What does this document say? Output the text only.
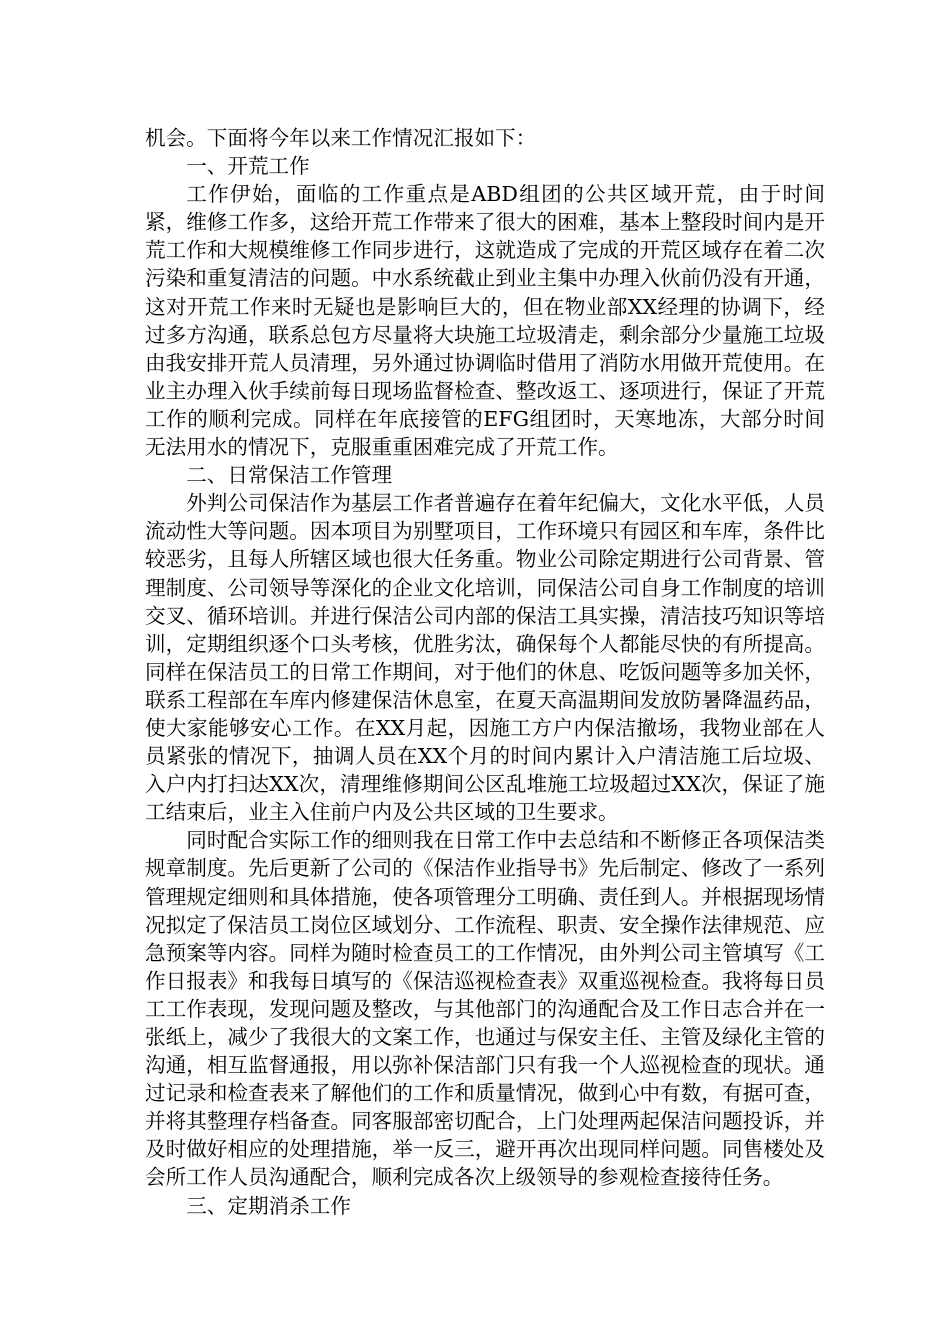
机会。下面将今年以来工作情况汇报如下：

一、开荒工作

工作伊始，面临的工作重点是ABD组团的公共区域开荒，由于时间紧，维修工作多，这给开荒工作带来了很大的困难，基本上整段时间内是开荒工作和大规模维修工作同步进行，这就造成了完成的开荒区域存在着二次污染和重复清洁的问题。中水系统截止到业主集中办理入伙前仍没有开通，这对开荒工作来时无疑也是影响巨大的，但在物业部XX经理的协调下，经过多方沟通，联系总包方尽量将大块施工垃圾清走，剩余部分少量施工垃圾由我安排开荒人员清理，另外通过协调临时借用了消防水用做开荒使用。在业主办理入伙手续前每日现场监督检查、整改返工、逐项进行，保证了开荒工作的顺利完成。同样在年底接管的EFG组团时，天寒地冻，大部分时间无法用水的情况下，克服重重困难完成了开荒工作。

二、日常保洁工作管理

外判公司保洁作为基层工作者普遍存在着年纪偏大，文化水平低，人员流动性大等问题。因本项目为别墅项目，工作环境只有园区和车库，条件比较恶劣，且每人所辖区域也很大任务重。物业公司除定期进行公司背景、管理制度、公司领导等深化的企业文化培训，同保洁公司自身工作制度的培训交叉、循环培训。并进行保洁公司内部的保洁工具实操，清洁技巧知识等培训，定期组织逐个口头考核，优胜劣汰，确保每个人都能尽快的有所提高。同样在保洁员工的日常工作期间，对于他们的休息、吃饭问题等多加关怀，联系工程部在车库内修建保洁休息室，在夏天高温期间发放防暑降温药品，使大家能够安心工作。在XX月起，因施工方户内保洁撤场，我物业部在人员紧张的情况下，抽调人员在XX个月的时间内累计入户清洁施工后垃圾、入户内打扫达XX次，清理维修期间公区乱堆施工垃圾超过XX次，保证了施工结束后，业主入住前户内及公共区域的卫生要求。

同时配合实际工作的细则我在日常工作中去总结和不断修正各项保洁类规章制度。先后更新了公司的《保洁作业指导书》先后制定、修改了一系列管理规定细则和具体措施，使各项管理分工明确、责任到人。并根据现场情况拟定了保洁员工岗位区域划分、工作流程、职责、安全操作法律规范、应急预案等内容。同样为随时检查员工的工作情况，由外判公司主管填写《工作日报表》和我每日填写的《保洁巡视检查表》双重巡视检查。我将每日员工工作表现，发现问题及整改，与其他部门的沟通配合及工作日志合并在一张纸上，减少了我很大的文案工作，也通过与保安主任、主管及绿化主管的沟通，相互监督通报，用以弥补保洁部门只有我一个人巡视检查的现状。通过记录和检查表来了解他们的工作和质量情况，做到心中有数，有据可查，并将其整理存档备查。同客服部密切配合，上门处理两起保洁问题投诉，并及时做好相应的处理措施，举一反三，避开再次出现同样问题。同售楼处及会所工作人员沟通配合，顺利完成各次上级领导的参观检查接待任务。

三、定期消杀工作
